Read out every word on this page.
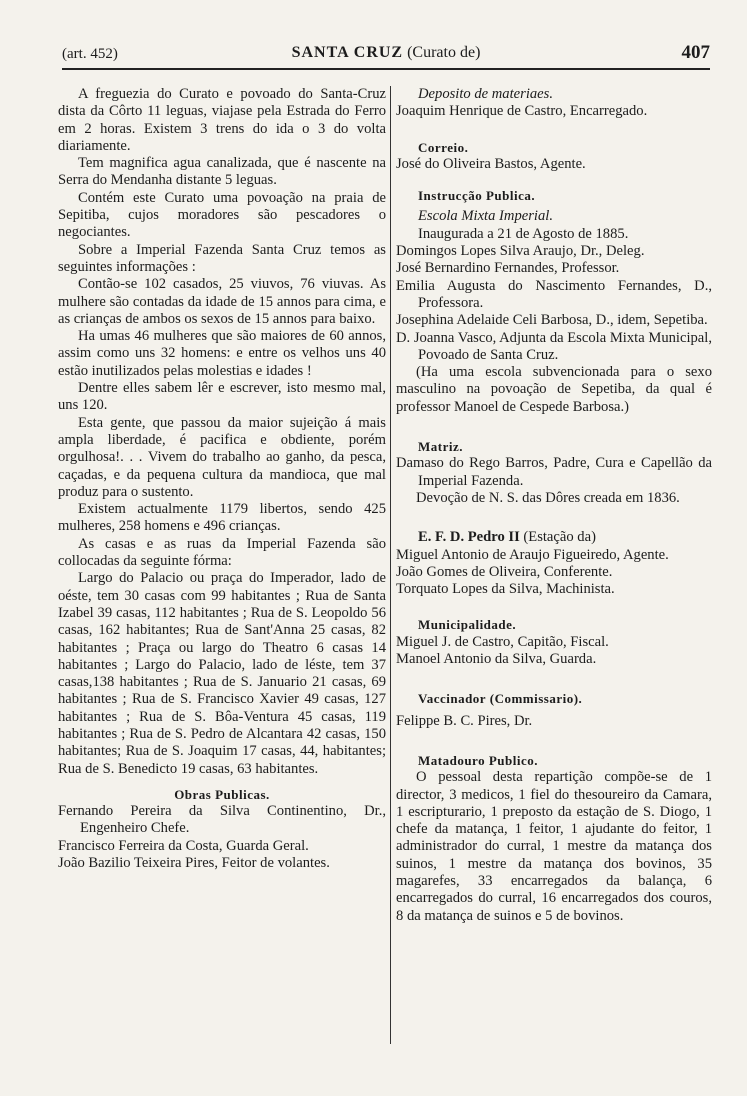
(art. 452)	SANTA CRUZ (Curato de)	407

A freguezia do Curato e povoado do Santa-Cruz dista da Côrto 11 leguas, viajase pela Estrada do Ferro em 2 horas. Existem 3 trens do ida o 3 do volta diariamente.

Tem magnifica agua canalizada, que é nascente na Serra do Mendanha distante 5 leguas.

Contém este Curato uma povoação na praia de Sepitiba, cujos moradores são pescadores o negociantes.

Sobre a Imperial Fazenda Santa Cruz temos as seguintes informações :

Contão-se 102 casados, 25 viuvos, 76 viuvas. As mulhere são contadas da idade de 15 annos para cima, e as crianças de ambos os sexos de 15 annos para baixo.

Ha umas 46 mulheres que são maiores de 60 annos, assim como uns 32 homens: e entre os velhos uns 40 estão inutilizados pelas molestias e idades !

Dentre elles sabem lêr e escrever, isto mesmo mal, uns 120.

Esta gente, que passou da maior sujeição á mais ampla liberdade, é pacifica e obdiente, porém orgulhosa!. . . Vivem do trabalho ao ganho, da pesca, caçadas, e da pequena cultura da mandioca, que mal produz para o sustento.

Existem actualmente 1179 libertos, sendo 425 mulheres, 258 homens e 496 crianças.

As casas e as ruas da Imperial Fazenda são collocadas da seguinte fórma:

Largo do Palacio ou praça do Imperador, lado de oéste, tem 30 casas com 99 habitantes ; Rua de Santa Izabel 39 casas, 112 habitantes ; Rua de S. Leopoldo 56 casas, 162 habitantes; Rua de Sant'Anna 25 casas, 82 habitantes ; Praça ou largo do Theatro 6 casas 14 habitantes ; Largo do Palacio, lado de léste, tem 37 casas,138 habitantes ; Rua de S. Januario 21 casas, 69 habitantes ; Rua de S. Francisco Xavier 49 casas, 127 habitantes ; Rua de S. Bôa-Ventura 45 casas, 119 habitantes ; Rua de S. Pedro de Alcantara 42 casas, 150 habitantes; Rua de S. Joaquim 17 casas, 44, habitantes; Rua de S. Benedicto 19 casas, 63 habitantes.

Obras Publicas.

Fernando Pereira da Silva Continentino, Dr., Engenheiro Chefe.

Francisco Ferreira da Costa, Guarda Geral.

João Bazilio Teixeira Pires, Feitor de volantes.

Deposito de materiaes.

Joaquim Henrique de Castro, Encarregado.

Correio.

José do Oliveira Bastos, Agente.

Instrucção Publica.

Escola Mixta Imperial.

Inaugurada a 21 de Agosto de 1885.

Domingos Lopes Silva Araujo, Dr., Deleg.

José Bernardino Fernandes, Professor.

Emilia Augusta do Nascimento Fernandes, D., Professora.

Josephina Adelaide Celi Barbosa, D., idem, Sepetiba.

D. Joanna Vasco, Adjunta da Escola Mixta Municipal, Povoado de Santa Cruz.

(Ha uma escola subvencionada para o sexo masculino na povoação de Sepetiba, da qual é professor Manoel de Cespede Barbosa.)

Matriz.

Damaso do Rego Barros, Padre, Cura e Capellão da Imperial Fazenda.

Devoção de N. S. das Dôres creada em 1836.

E. F. D. Pedro II (Estação da)

Miguel Antonio de Araujo Figueiredo, Agente.

João Gomes de Oliveira, Conferente.

Torquato Lopes da Silva, Machinista.

Municipalidade.

Miguel J. de Castro, Capitão, Fiscal.

Manoel Antonio da Silva, Guarda.

Vaccinador (Commissario).

Felippe B. C. Pires, Dr.

Matadouro Publico.

O pessoal desta repartição compõe-se de 1 director, 3 medicos, 1 fiel do thesoureiro da Camara, 1 escripturario, 1 preposto da estação de S. Diogo, 1 chefe da matança, 1 feitor, 1 ajudante do feitor, 1 administrador do curral, 1 mestre da matança dos suinos, 1 mestre da matança dos bovinos, 35 magarefes, 33 encarregados da balança, 6 encarregados do curral, 16 encarregados dos couros, 8 da matança de suinos e 5 de bovinos.
